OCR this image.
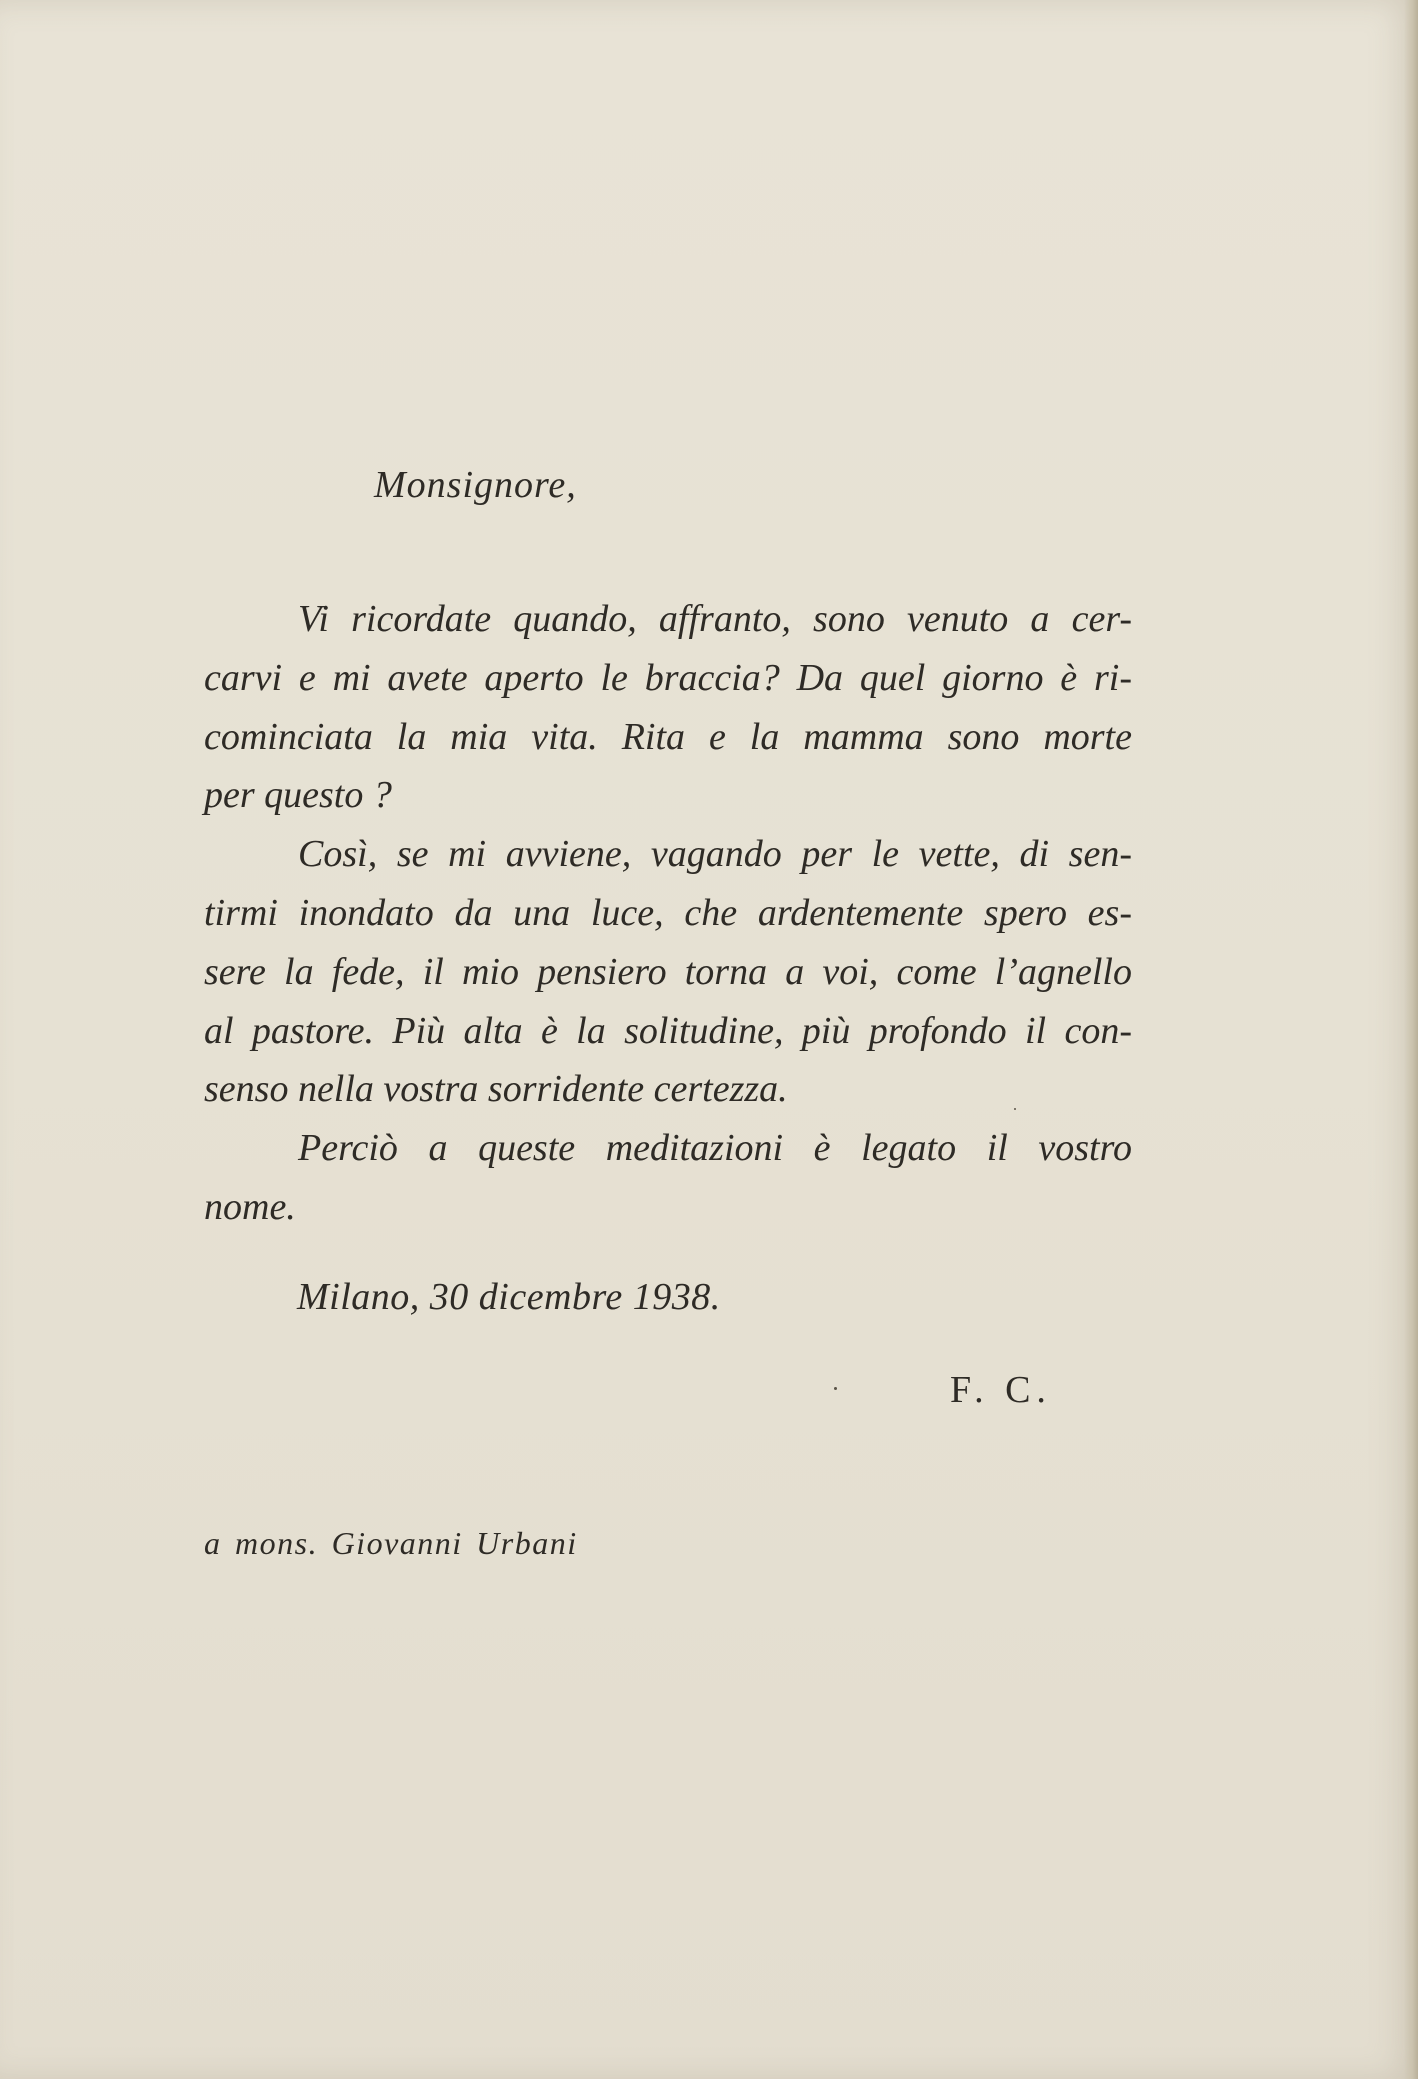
Monsignore,
Vi ricordate quando, affranto, sono venuto a cer-
carvi e mi avete aperto le braccia? Da quel giorno è ri-
cominciata la mia vita. Rita e la mamma sono morte
per questo ?
Così, se mi avviene, vagando per le vette, di sen-
tirmi inondato da una luce, che ardentemente spero es-
sere la fede, il mio pensiero torna a voi, come l’agnello
al pastore. Più alta è la solitudine, più profondo il con-
senso nella vostra sorridente certezza.
Perciò a queste meditazioni è legato il vostro
nome.
Milano, 30 dicembre 1938.
F. C.
a mons. Giovanni Urbani
